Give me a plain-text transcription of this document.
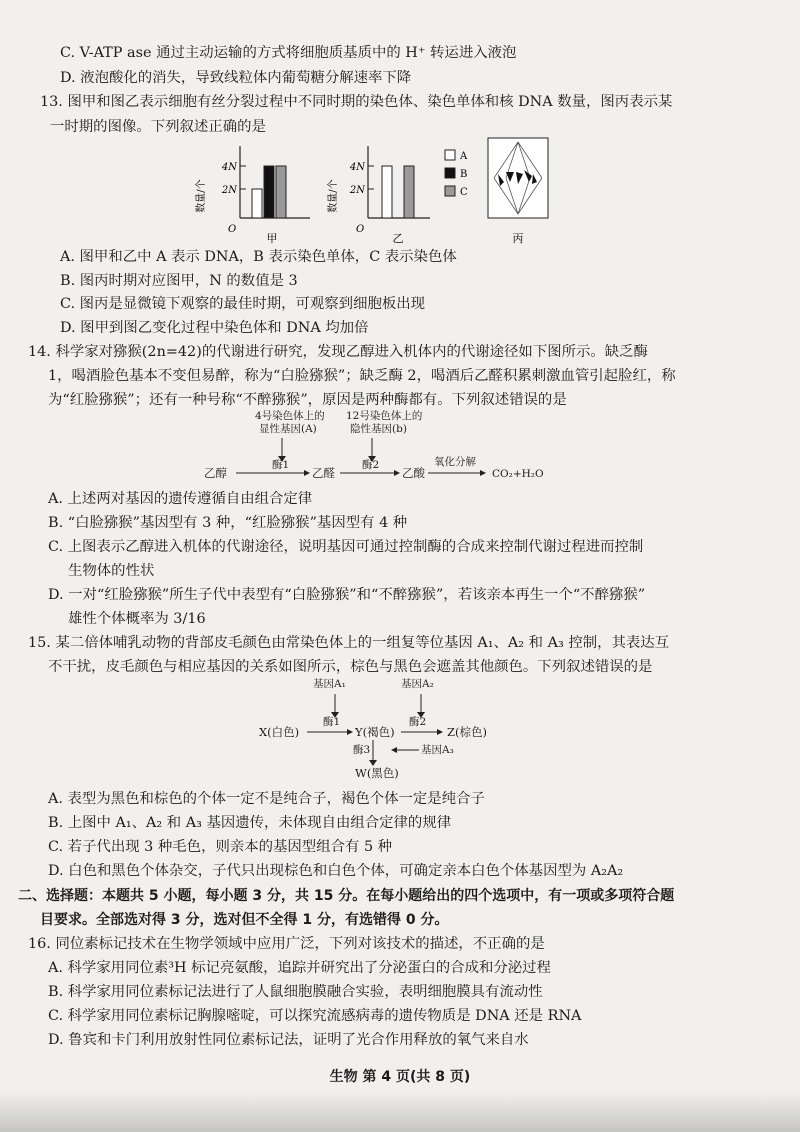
C. V-ATP ase 通过主动运输的方式将细胞质基质中的 H⁺ 转运进入液泡
D. 液泡酸化的消失，导致线粒体内葡萄糖分解速率下降
13. 图甲和图乙表示细胞有丝分裂过程中不同时期的染色体、染色单体和核 DNA 数量，图丙表示某
一时期的图像。下列叙述正确的是
数量/个
4N
2N
O
甲
数量/个
4N
2N
O
乙
A
B
C
丙
A. 图甲和乙中 A 表示 DNA，B 表示染色单体，C 表示染色体
B. 图丙时期对应图甲，N 的数值是 3
C. 图丙是显微镜下观察的最佳时期，可观察到细胞板出现
D. 图甲到图乙变化过程中染色体和 DNA 均加倍
14. 科学家对猕猴(2n=42)的代谢进行研究，发现乙醇进入机体内的代谢途径如下图所示。缺乏酶
1，喝酒脸色基本不变但易醉，称为“白脸猕猴”；缺乏酶 2，喝酒后乙醛积累刺激血管引起脸红，称
为“红脸猕猴”；还有一种号称“不醉猕猴”，原因是两种酶都有。下列叙述错误的是
4号染色体上的
显性基因(A)
12号染色体上的
隐性基因(b)
乙醇
酶1
乙醛
酶2
乙酸
氧化分解
CO₂+H₂O
A. 上述两对基因的遗传遵循自由组合定律
B. “白脸猕猴”基因型有 3 种，“红脸猕猴”基因型有 4 种
C. 上图表示乙醇进入机体的代谢途径，说明基因可通过控制酶的合成来控制代谢过程进而控制
生物体的性状
D. 一对“红脸猕猴”所生子代中表型有“白脸猕猴”和“不醉猕猴”，若该亲本再生一个“不醉猕猴”
雄性个体概率为 3/16
15. 某二倍体哺乳动物的背部皮毛颜色由常染色体上的一组复等位基因 A₁、A₂ 和 A₃ 控制，其表达互
不干扰，皮毛颜色与相应基因的关系如图所示，棕色与黑色会遮盖其他颜色。下列叙述错误的是
基因A₁	基因A₂
X(白色)
酶1
Y(褐色)
酶2
Z(棕色)
酶3	基因A₃
W(黑色)
A. 表型为黑色和棕色的个体一定不是纯合子，褐色个体一定是纯合子
B. 上图中 A₁、A₂ 和 A₃ 基因遗传，未体现自由组合定律的规律
C. 若子代出现 3 种毛色，则亲本的基因型组合有 5 种
D. 白色和黑色个体杂交，子代只出现棕色和白色个体，可确定亲本白色个体基因型为 A₂A₂
二、选择题：本题共 5 小题，每小题 3 分，共 15 分。在每小题给出的四个选项中，有一项或多项符合题
目要求。全部选对得 3 分，选对但不全得 1 分，有选错得 0 分。
16. 同位素标记技术在生物学领域中应用广泛，下列对该技术的描述，不正确的是
A. 科学家用同位素³H 标记亮氨酸，追踪并研究出了分泌蛋白的合成和分泌过程
B. 科学家用同位素标记法进行了人鼠细胞膜融合实验，表明细胞膜具有流动性
C. 科学家用同位素标记胸腺嘧啶，可以探究流感病毒的遗传物质是 DNA 还是 RNA
D. 鲁宾和卡门利用放射性同位素标记法，证明了光合作用释放的氧气来自水
生物 第 4 页(共 8 页)
